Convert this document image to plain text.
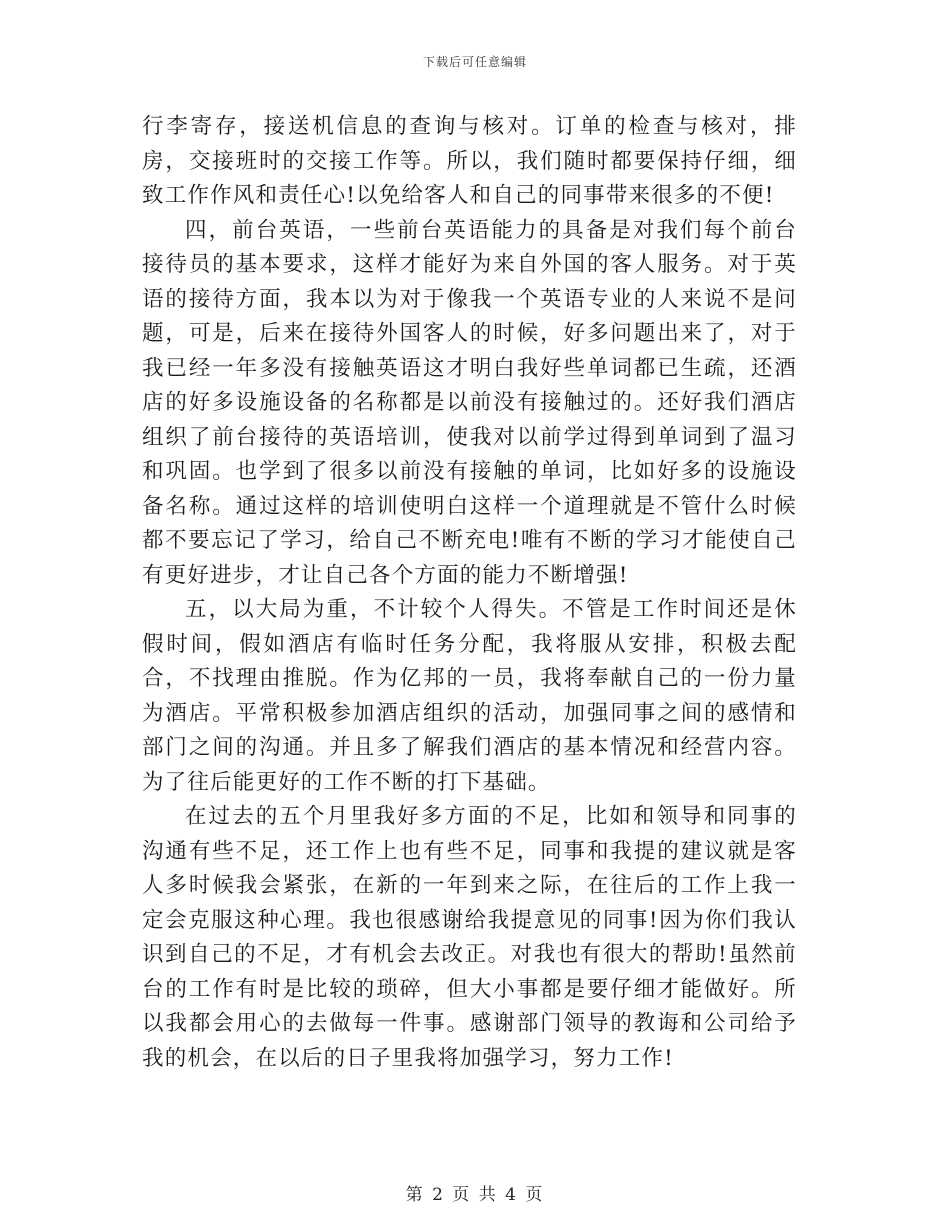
下载后可任意编辑

行李寄存，接送机信息的查询与核对。订单的检查与核对，排房，交接班时的交接工作等。所以，我们随时都要保持仔细，细致工作作风和责任心!以免给客人和自己的同事带来很多的不便!

四，前台英语，一些前台英语能力的具备是对我们每个前台接待员的基本要求，这样才能好为来自外国的客人服务。对于英语的接待方面，我本以为对于像我一个英语专业的人来说不是问题，可是，后来在接待外国客人的时候，好多问题出来了，对于我已经一年多没有接触英语这才明白我好些单词都已生疏，还酒店的好多设施设备的名称都是以前没有接触过的。还好我们酒店组织了前台接待的英语培训，使我对以前学过得到单词到了温习和巩固。也学到了很多以前没有接触的单词，比如好多的设施设备名称。通过这样的培训使明白这样一个道理就是不管什么时候都不要忘记了学习，给自己不断充电!唯有不断的学习才能使自己有更好进步，才让自己各个方面的能力不断增强!

五，以大局为重，不计较个人得失。不管是工作时间还是休假时间，假如酒店有临时任务分配，我将服从安排，积极去配合，不找理由推脱。作为亿邦的一员，我将奉献自己的一份力量为酒店。平常积极参加酒店组织的活动，加强同事之间的感情和部门之间的沟通。并且多了解我们酒店的基本情况和经营内容。为了往后能更好的工作不断的打下基础。

在过去的五个月里我好多方面的不足，比如和领导和同事的沟通有些不足，还工作上也有些不足，同事和我提的建议就是客人多时候我会紧张，在新的一年到来之际，在往后的工作上我一定会克服这种心理。我也很感谢给我提意见的同事!因为你们我认识到自己的不足，才有机会去改正。对我也有很大的帮助!虽然前台的工作有时是比较的琐碎，但大小事都是要仔细才能做好。所以我都会用心的去做每一件事。感谢部门领导的教诲和公司给予我的机会，在以后的日子里我将加强学习，努力工作!

第 2 页 共 4 页
